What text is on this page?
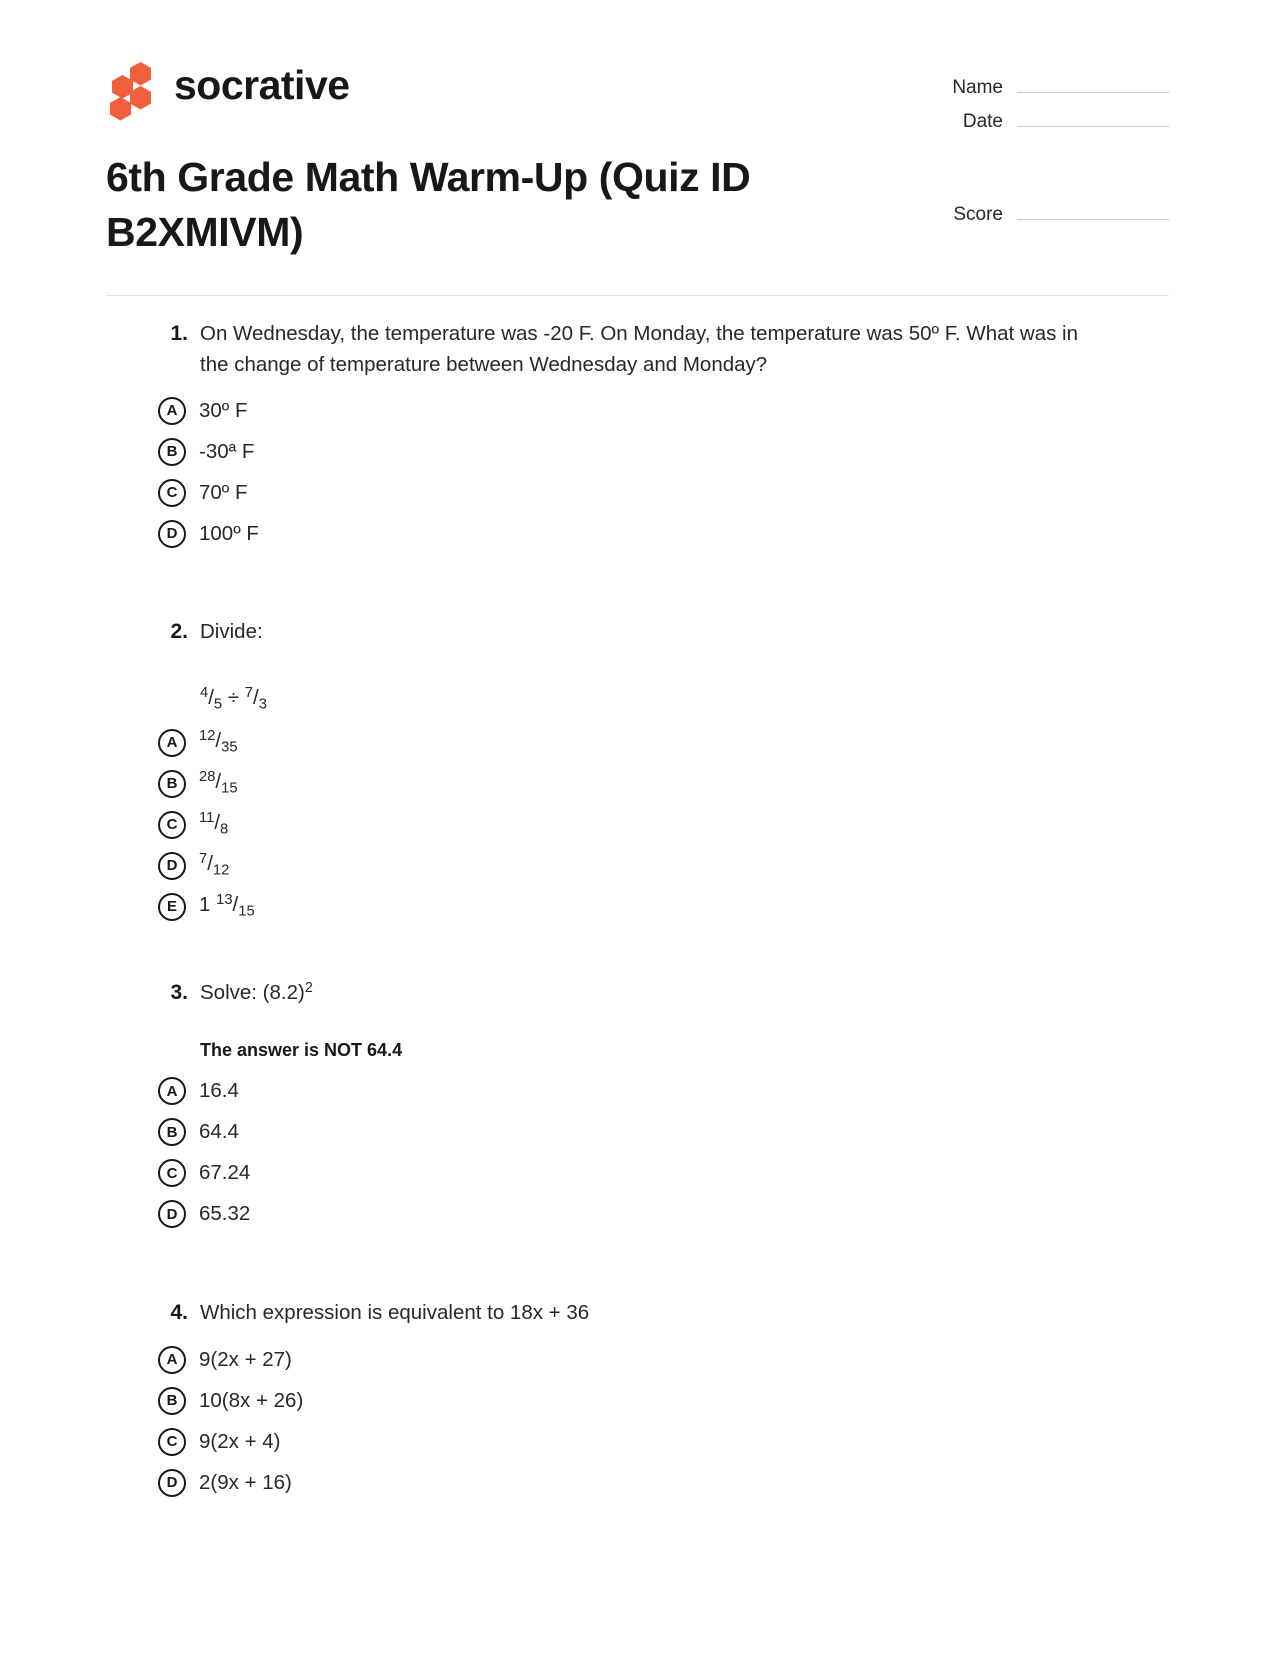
socrative
6th Grade Math Warm-Up (Quiz ID B2XMIVM)
Name
Date
Score
1. On Wednesday, the temperature was -20 F. On Monday, the temperature was 50º F. What was in the change of temperature between Wednesday and Monday?
A	30º F
B	-30ª F
C	70º F
D	100º F
2. Divide:
$^4/_5 \div ^7/_3$
A	$^{12}/_{35}$
B	$^{28}/_{15}$
C	$^{11}/_8$
D	$^7/_{12}$
E	1 $^{13}/_{15}$
3. Solve: $(8.2)^2$
The answer is NOT 64.4
A	16.4
B	64.4
C	67.24
D	65.32
4. Which expression is equivalent to 18x + 36
A	9(2x + 27)
B	10(8x + 26)
C	9(2x + 4)
D	2(9x + 16)
